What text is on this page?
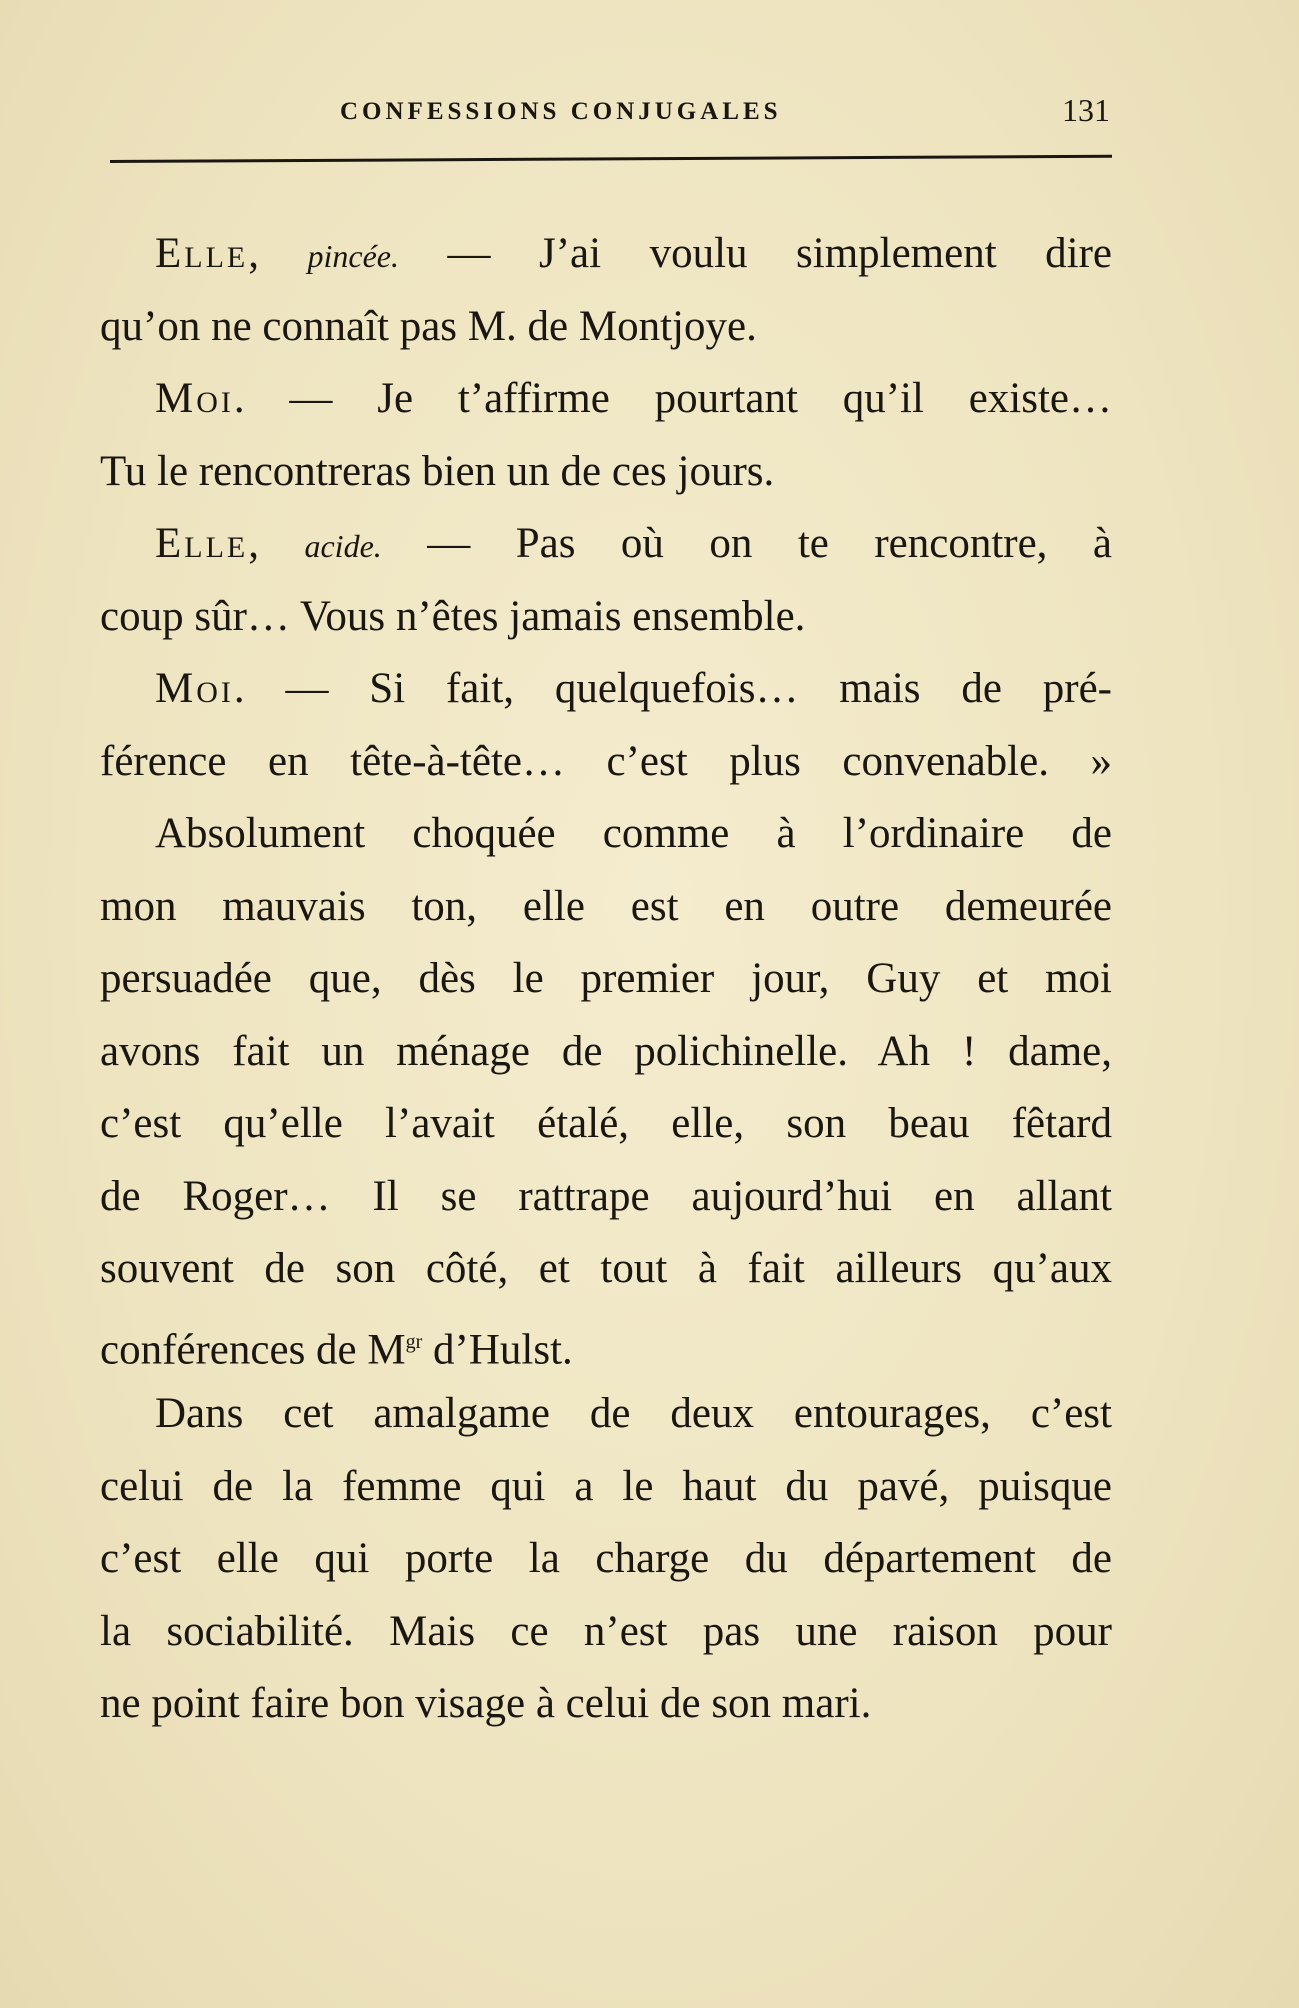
CONFESSIONS CONJUGALES	131
Elle, pincée. — J’ai voulu simplement dire
qu’on ne connaît pas M. de Montjoye.
Moi. — Je t’affirme pourtant qu’il existe…
Tu le rencontreras bien un de ces jours.
Elle, acide. — Pas où on te rencontre, à
coup sûr… Vous n’êtes jamais ensemble.
Moi. — Si fait, quelquefois… mais de pré-
férence en tête-à-tête… c’est plus convenable. »
Absolument choquée comme à l’ordinaire de
mon mauvais ton, elle est en outre demeurée
persuadée que, dès le premier jour, Guy et moi
avons fait un ménage de polichinelle. Ah ! dame,
c’est qu’elle l’avait étalé, elle, son beau fêtard
de Roger… Il se rattrape aujourd’hui en allant
souvent de son côté, et tout à fait ailleurs qu’aux
conférences de $M^{gr}$ d’Hulst.
Dans cet amalgame de deux entourages, c’est
celui de la femme qui a le haut du pavé, puisque
c’est elle qui porte la charge du département de
la sociabilité. Mais ce n’est pas une raison pour
ne point faire bon visage à celui de son mari.
